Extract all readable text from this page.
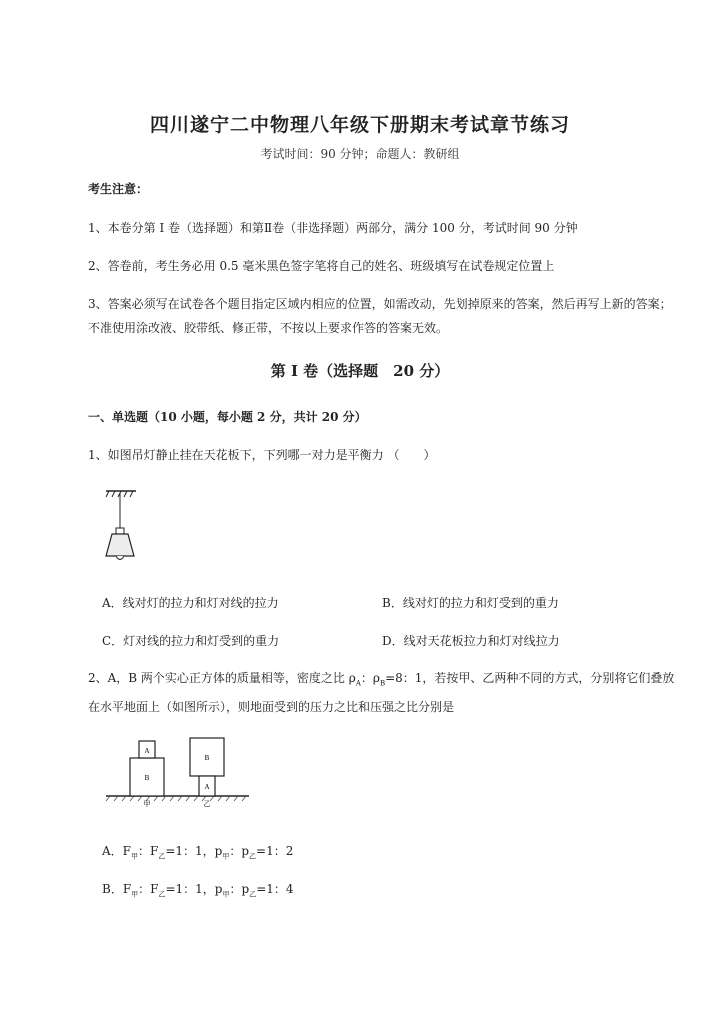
四川遂宁二中物理八年级下册期末考试章节练习
考试时间：90 分钟；命题人：教研组
考生注意：
1、本卷分第 I 卷（选择题）和第Ⅱ卷（非选择题）两部分，满分 100 分，考试时间 90 分钟
2、答卷前，考生务必用 0.5 毫米黑色签字笔将自己的姓名、班级填写在试卷规定位置上
3、答案必须写在试卷各个题目指定区域内相应的位置，如需改动，先划掉原来的答案，然后再写上新的答案；不准使用涂改液、胶带纸、修正带，不按以上要求作答的答案无效。
第 I 卷（选择题　20 分）
一、单选题（10 小题，每小题 2 分，共计 20 分）
1、如图吊灯静止挂在天花板下，下列哪一对力是平衡力 （　　）
A．线对灯的拉力和灯对线的拉力	B．线对灯的拉力和灯受到的重力
C．灯对线的拉力和灯受到的重力	D．线对天花板拉力和灯对线拉力
2、A，B 两个实心正方体的质量相等，密度之比 $\rho_A$：$\rho_B=8$：1，若按甲、乙两种不同的方式，分别将它们叠放在水平地面上（如图所示），则地面受到的压力之比和压强之比分别是
A
B
甲
B
A
乙
A．$F_甲$：$F_乙=1$：1，$p_甲$：$p_乙=1$：2
B．$F_甲$：$F_乙=1$：1，$p_甲$：$p_乙=1$：4
